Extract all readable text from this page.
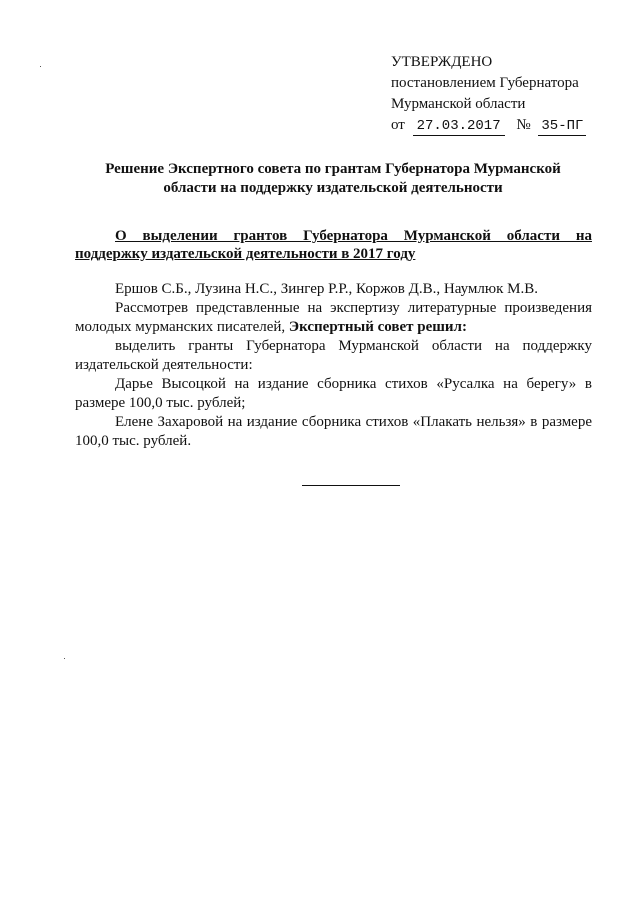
УТВЕРЖДЕНО
постановлением Губернатора
Мурманской области
от 27.03.2017 № 35-ПГ
Решение Экспертного совета по грантам Губернатора Мурманской
области на поддержку издательской деятельности

О выделении грантов Губернатора Мурманской области на поддержку издательской деятельности в 2017 году

Ершов С.Б., Лузина Н.С., Зингер Р.Р., Коржов Д.В., Наумлюк М.В.

Рассмотрев представленные на экспертизу литературные произведения молодых мурманских писателей, Экспертный совет решил:

выделить гранты Губернатора Мурманской области на поддержку издательской деятельности:

Дарье Высоцкой на издание сборника стихов «Русалка на берегу» в размере 100,0 тыс. рублей;

Елене Захаровой на издание сборника стихов «Плакать нельзя» в размере 100,0 тыс. рублей.
